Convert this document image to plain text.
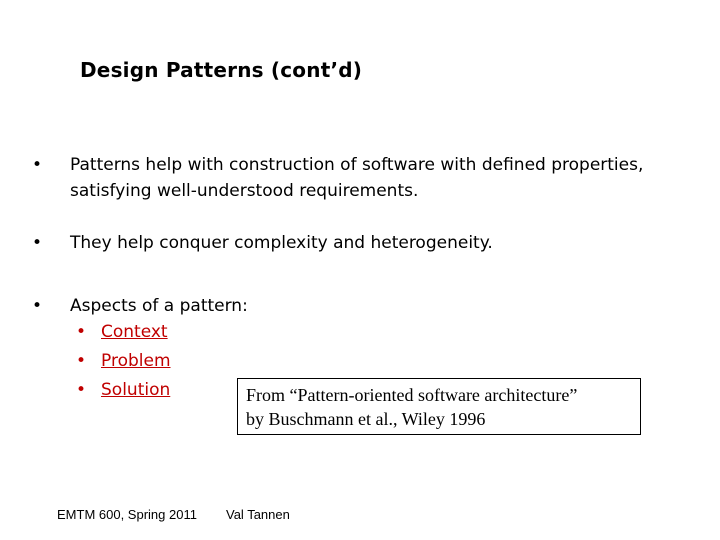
Design Patterns (cont’d)
• Patterns help with construction of software with defined properties,
satisfying well-understood requirements.
• They help conquer complexity and heterogeneity.
• Aspects of a pattern:
• Context
• Problem
• Solution	From “Pattern-oriented software architecture”
by Buschmann et al., Wiley 1996
EMTM 600, Spring 2011 Val Tannen
